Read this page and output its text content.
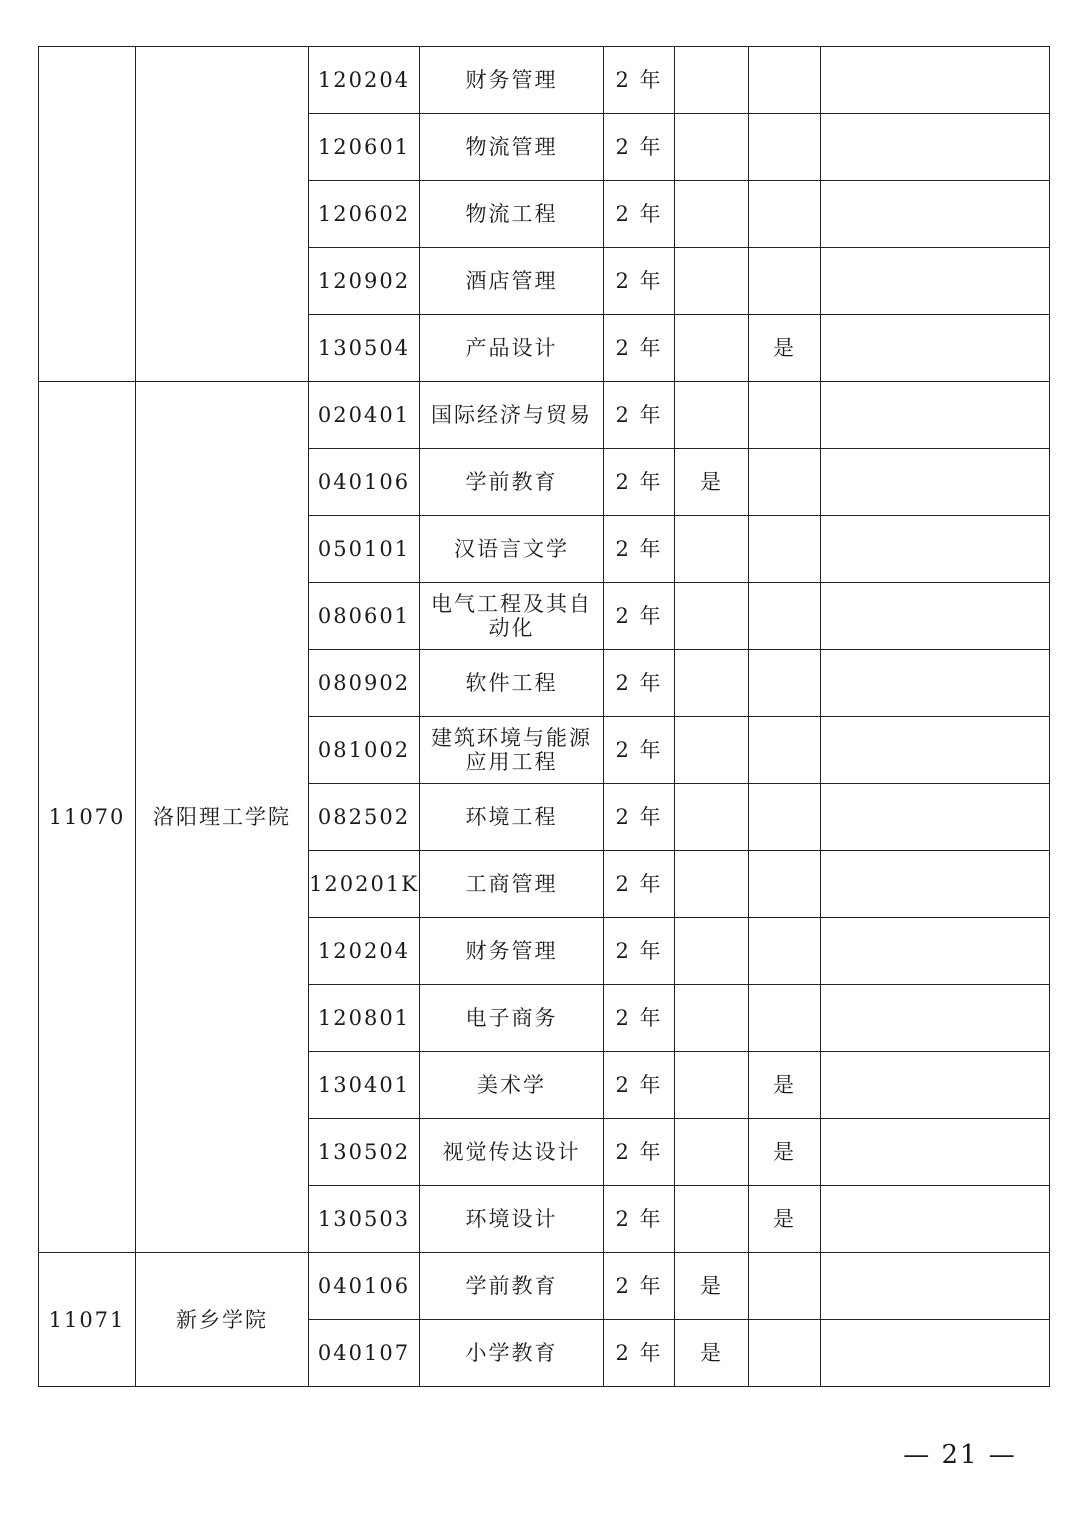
		120204	财务管理	2 年			
		120601	物流管理	2 年			
		120602	物流工程	2 年			
		120902	酒店管理	2 年			
		130504	产品设计	2 年		是	
11070	洛阳理工学院	020401	国际经济与贸易	2 年			
		040106	学前教育	2 年	是		
		050101	汉语言文学	2 年			
		080601	电气工程及其自动化	2 年			
		080902	软件工程	2 年			
		081002	建筑环境与能源应用工程	2 年			
		082502	环境工程	2 年			
		120201K	工商管理	2 年			
		120204	财务管理	2 年			
		120801	电子商务	2 年			
		130401	美术学	2 年		是	
		130502	视觉传达设计	2 年		是	
		130503	环境设计	2 年		是	
11071	新乡学院	040106	学前教育	2 年	是		
		040107	小学教育	2 年	是		
— 21 —
